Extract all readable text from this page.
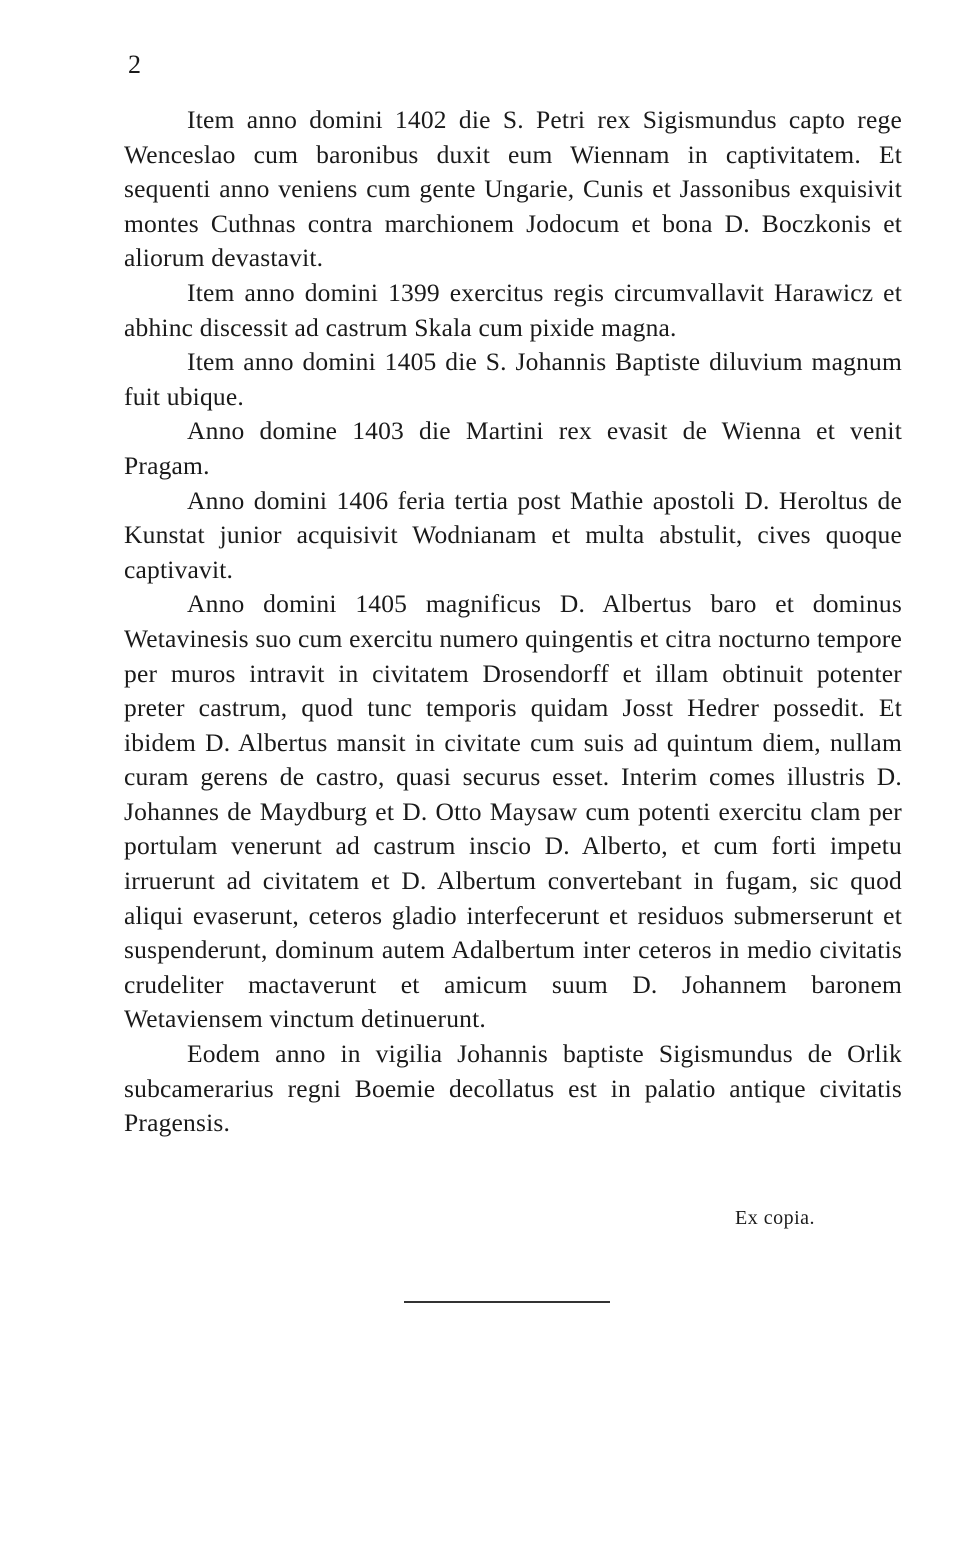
2

Item anno domini 1402 die S. Petri rex Sigismundus capto rege Wenceslao cum baronibus duxit eum Wiennam in captivitatem. Et sequenti anno veniens cum gente Ungarie, Cunis et Jassonibus exquisivit montes Cuthnas contra marchionem Jodocum et bona D. Boczkonis et aliorum devastavit.

Item anno domini 1399 exercitus regis circumvallavit Harawicz et abhinc discessit ad castrum Skala cum pixide magna.

Item anno domini 1405 die S. Johannis Baptiste diluvium magnum fuit ubique.

Anno domine 1403 die Martini rex evasit de Wienna et venit Pragam.

Anno domini 1406 feria tertia post Mathie apostoli D. Heroltus de Kunstat junior acquisivit Wodnianam et multa abstulit, cives quoque captivavit.

Anno domini 1405 magnificus D. Albertus baro et dominus Wetavinesis suo cum exercitu numero quingentis et citra nocturno tempore per muros intravit in civitatem Drosendorff et illam obtinuit potenter preter castrum, quod tunc temporis quidam Josst Hedrer possedit. Et ibidem D. Albertus mansit in civitate cum suis ad quintum diem, nullam curam gerens de castro, quasi securus esset. Interim comes illustris D. Johannes de Maydburg et D. Otto Maysaw cum potenti exercitu clam per portulam venerunt ad castrum inscio D. Alberto, et cum forti impetu irruerunt ad civitatem et D. Albertum convertebant in fugam, sic quod aliqui evaserunt, ceteros gladio interfecerunt et residuos submerserunt et suspenderunt, dominum autem Adalbertum inter ceteros in medio civitatis crudeliter mactaverunt et amicum suum D. Johannem baronem Wetaviensem vinctum detinuerunt.

Eodem anno in vigilia Johannis baptiste Sigismundus de Orlik subcamerarius regni Boemie decollatus est in palatio antique civitatis Pragensis.

Ex copia.
